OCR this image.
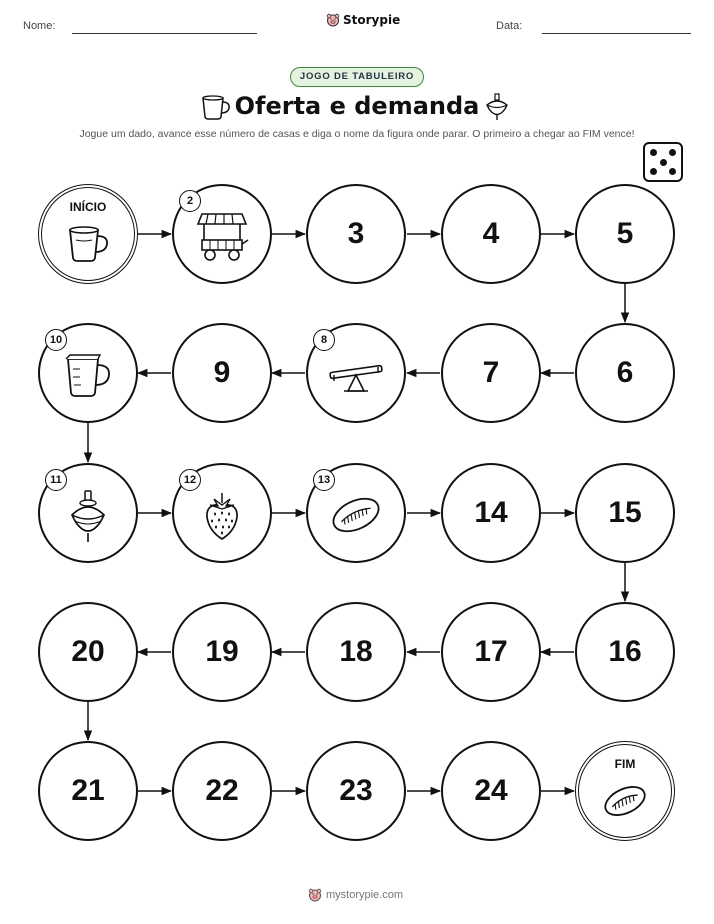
Nome:	Storypie	Data:
JOGO DE TABULEIRO
Oferta e demanda
Jogue um dado, avance esse número de casas e diga o nome da figura onde parar. O primeiro a chegar ao FIM vence!
INÍCIO	2
3	4	5
6
7
8
9
10
11	12	13
14	15
16
17
18
19
20
21	22	23	24
FIM
mystorypie.com
